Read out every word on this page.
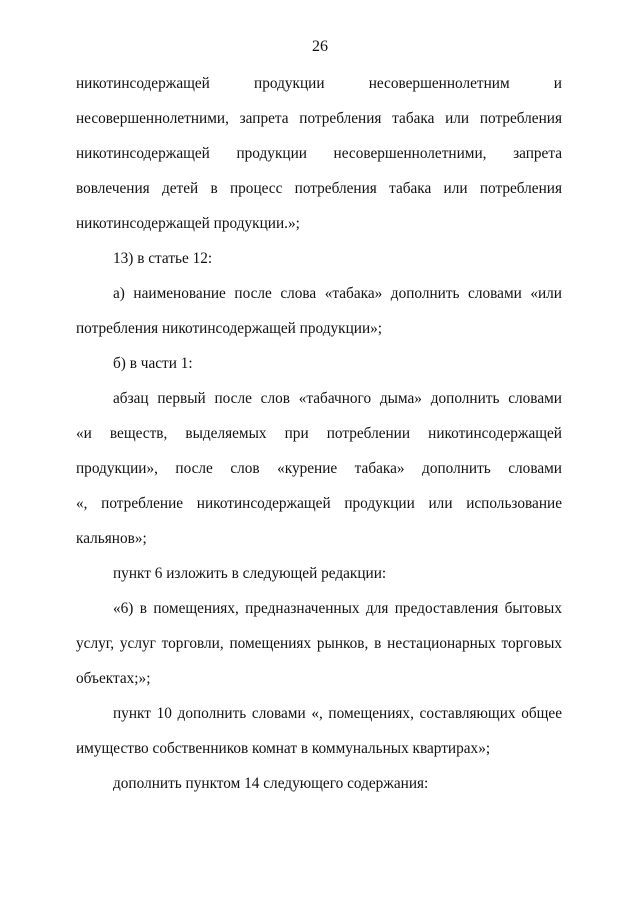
26
никотинсодержащей продукции несовершеннолетним и
несовершеннолетними, запрета потребления табака или потребления
никотинсодержащей продукции несовершеннолетними, запрета
вовлечения детей в процесс потребления табака или потребления
никотинсодержащей продукции.»;
13) в статье 12:
а) наименование после слова «табака» дополнить словами «или
потребления никотинсодержащей продукции»;
б) в части 1:
абзац первый после слов «табачного дыма» дополнить словами
«и веществ, выделяемых при потреблении никотинсодержащей
продукции», после слов «курение табака» дополнить словами
«, потребление никотинсодержащей продукции или использование
кальянов»;
пункт 6 изложить в следующей редакции:
«6) в помещениях, предназначенных для предоставления бытовых
услуг, услуг торговли, помещениях рынков, в нестационарных торговых
объектах;»;
пункт 10 дополнить словами «, помещениях, составляющих общее
имущество собственников комнат в коммунальных квартирах»;
дополнить пунктом 14 следующего содержания:
